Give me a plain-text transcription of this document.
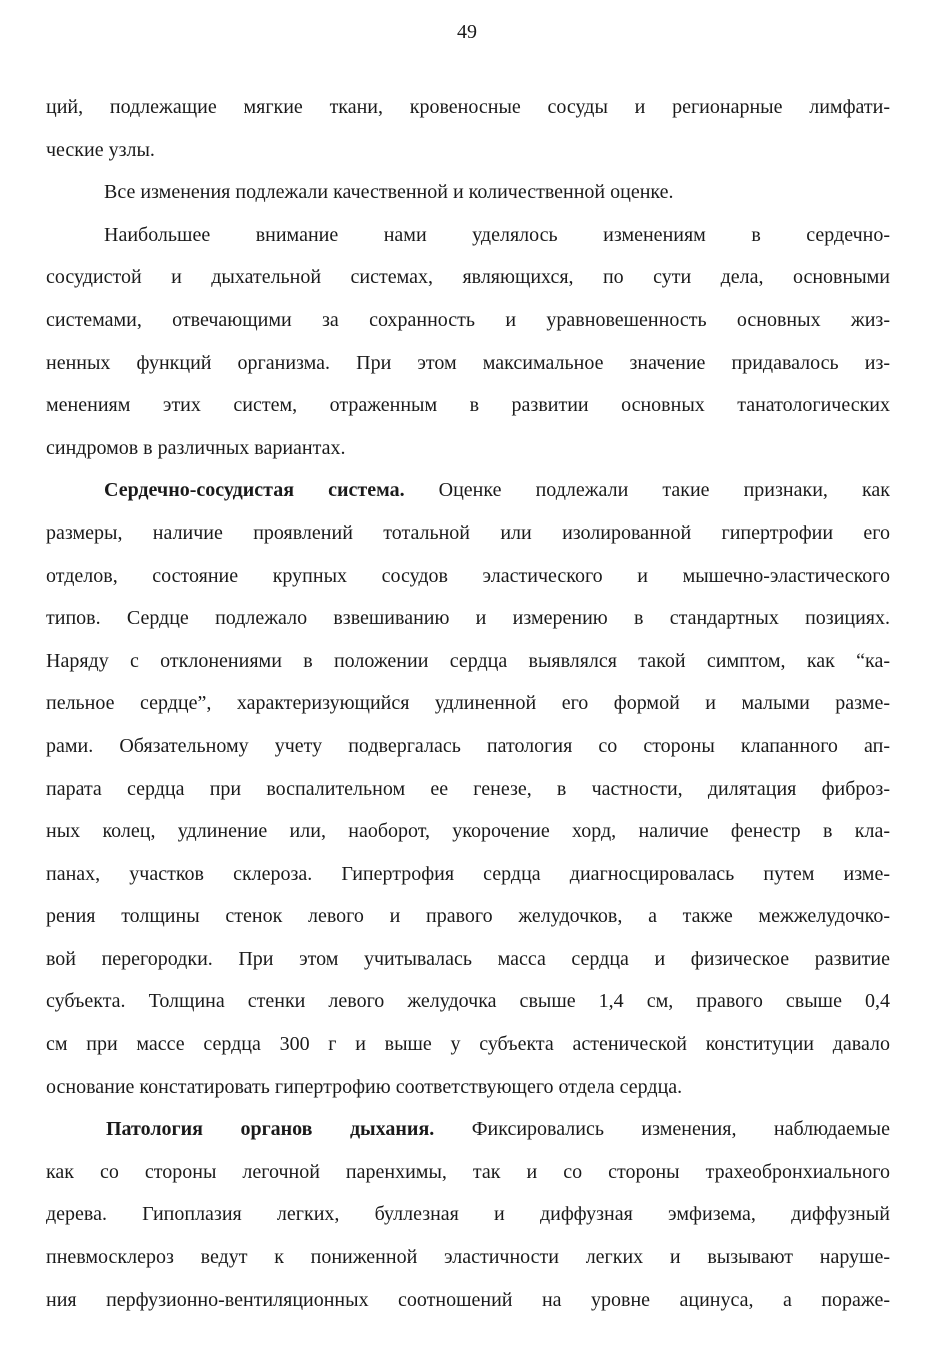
49
ций, подлежащие мягкие ткани, кровеносные сосуды и регионарные лимфати-
ческие узлы.
Все изменения подлежали качественной и количественной оценке.
Наибольшее внимание нами уделялось изменениям в сердечно-
сосудистой и дыхательной системах, являющихся, по сути дела, основными
системами, отвечающими за сохранность и уравновешенность основных жиз-
ненных функций организма. При этом максимальное значение придавалось из-
менениям этих систем, отраженным в развитии основных танатологических
синдромов в различных вариантах.
Сердечно-сосудистая система. Оценке подлежали такие признаки, как
размеры, наличие проявлений тотальной или изолированной гипертрофии его
отделов, состояние крупных сосудов эластического и мышечно-эластического
типов. Сердце подлежало взвешиванию и измерению в стандартных позициях.
Наряду с отклонениями в положении сердца выявлялся такой симптом, как “ка-
пельное сердце”, характеризующийся удлиненной его формой и малыми разме-
рами. Обязательному учету подвергалась патология со стороны клапанного ап-
парата сердца при воспалительном ее генезе, в частности, дилятация фиброз-
ных колец, удлинение или, наоборот, укорочение хорд, наличие фенестр в кла-
панах, участков склероза. Гипертрофия сердца диагносцировалась путем изме-
рения толщины стенок левого и правого желудочков, а также межжелудочко-
вой перегородки. При этом учитывалась масса сердца и физическое развитие
субъекта. Толщина стенки левого желудочка свыше 1,4 см, правого свыше 0,4
см при массе сердца 300 г и выше у субъекта астенической конституции давало
основание констатировать гипертрофию соответствующего отдела сердца.
Патология органов дыхания. Фиксировались изменения, наблюдаемые
как со стороны легочной паренхимы, так и со стороны трахеобронхиального
дерева. Гипоплазия легких, буллезная и диффузная эмфизема, диффузный
пневмосклероз ведут к пониженной эластичности легких и вызывают наруше-
ния перфузионно-вентиляционных соотношений на уровне ацинуса, а пораже-
